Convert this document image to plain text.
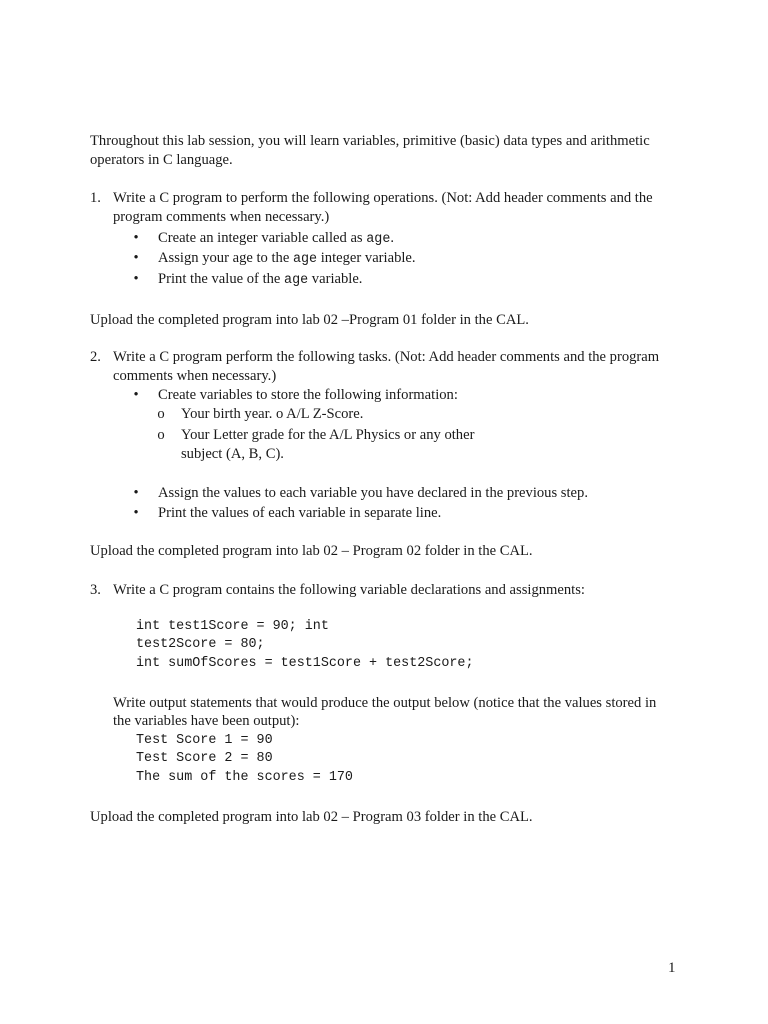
Throughout this lab session, you will learn variables, primitive (basic) data types and arithmetic
operators in C language.
1. Write a C program to perform the following operations. (Not: Add header comments and the
program comments when necessary.)
• Create an integer variable called as age.
• Assign your age to the age integer variable.
• Print the value of the age variable.
Upload the completed program into lab 02 –Program 01 folder in the CAL.
2. Write a C program perform the following tasks. (Not: Add header comments and the program
comments when necessary.)
• Create variables to store the following information:
o Your birth year. o A/L Z-Score.
o Your Letter grade for the A/L Physics or any other
subject (A, B, C).
• Assign the values to each variable you have declared in the previous step.
• Print the values of each variable in separate line.
Upload the completed program into lab 02 – Program 02 folder in the CAL.
3. Write a C program contains the following variable declarations and assignments:
int test1Score = 90; int
test2Score = 80;
int sumOfScores = test1Score + test2Score;
Write output statements that would produce the output below (notice that the values stored in
the variables have been output):
Test Score 1 = 90
Test Score 2 = 80
The sum of the scores = 170
Upload the completed program into lab 02 – Program 03 folder in the CAL.
1
